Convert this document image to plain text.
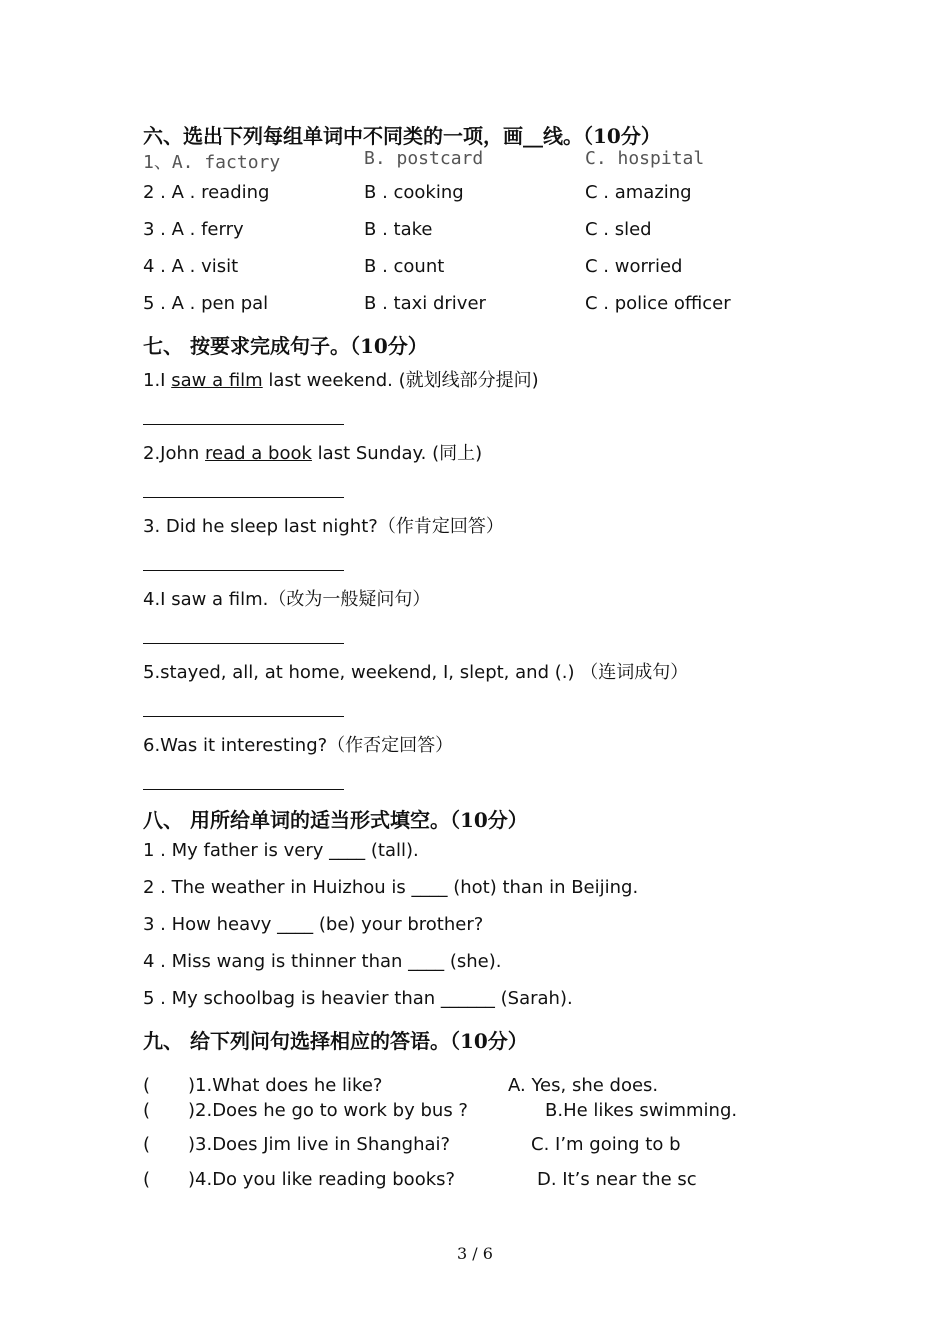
六、选出下列每组单词中不同类的一项，画__线。（10分）
1、A. factory	B. postcard	C. hospital
2 . A . reading	B . cooking	C . amazing
3 . A . ferry	B . take	C . sled
4 . A . visit	B . count	C . worried
5 . A . pen pal	B . taxi driver	C . police officer
七、 按要求完成句子。（10分）
1.I saw a film last weekend. (就划线部分提问)
2.John read a book last Sunday. (同上)
3. Did he sleep last night?（作肯定回答）
4.I saw a film.（改为一般疑问句）
5.stayed, all, at home, weekend, I, slept, and (.) （连词成句）
6.Was it interesting?（作否定回答）
八、 用所给单词的适当形式填空。（10分）
1 . My father is very ____ (tall).
2 . The weather in Huizhou is ____ (hot) than in Beijing.
3 . How heavy ____ (be) your brother?
4 . Miss wang is thinner than ____ (she).
5 . My schoolbag is heavier than ______ (Sarah).
九、 给下列问句选择相应的答语。（10分）
( )1.What does he like?	A. Yes, she does.
( )2.Does he go to work by bus ?	B.He likes swimming.
( )3.Does Jim live in Shanghai?	C. I’m going to b
( )4.Do you like reading books?	D. It’s near the sc
3 / 6
